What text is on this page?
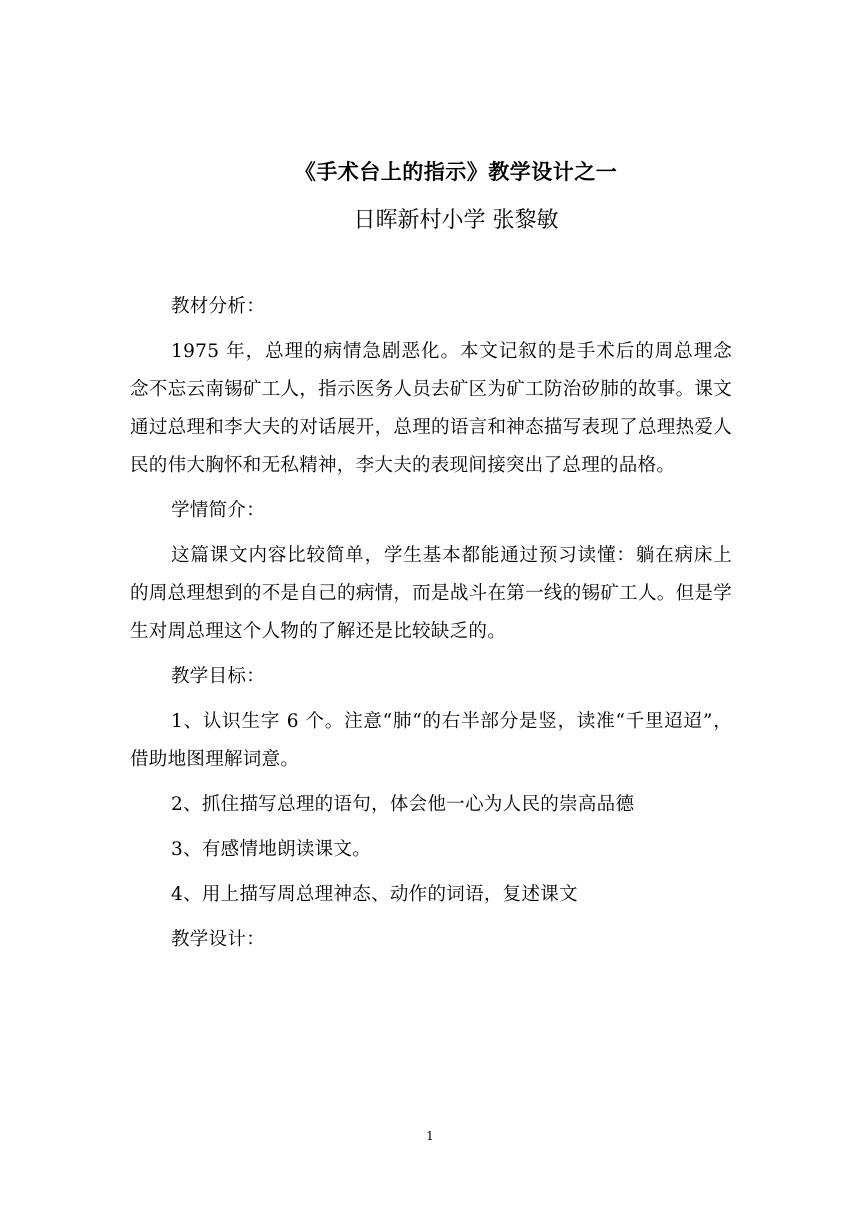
《手术台上的指示》教学设计之一
日晖新村小学 张黎敏

教材分析：

1975 年，总理的病情急剧恶化。本文记叙的是手术后的周总理念念不忘云南锡矿工人，指示医务人员去矿区为矿工防治矽肺的故事。课文通过总理和李大夫的对话展开，总理的语言和神态描写表现了总理热爱人民的伟大胸怀和无私精神，李大夫的表现间接突出了总理的品格。

学情简介：

这篇课文内容比较简单，学生基本都能通过预习读懂：躺在病床上的周总理想到的不是自己的病情，而是战斗在第一线的锡矿工人。但是学生对周总理这个人物的了解还是比较缺乏的。

教学目标：

1、认识生字 6 个。注意“肺“的右半部分是竖，读准“千里迢迢”，借助地图理解词意。

2、抓住描写总理的语句，体会他一心为人民的崇高品德

3、有感情地朗读课文。

4、用上描写周总理神态、动作的词语，复述课文

教学设计：

1
